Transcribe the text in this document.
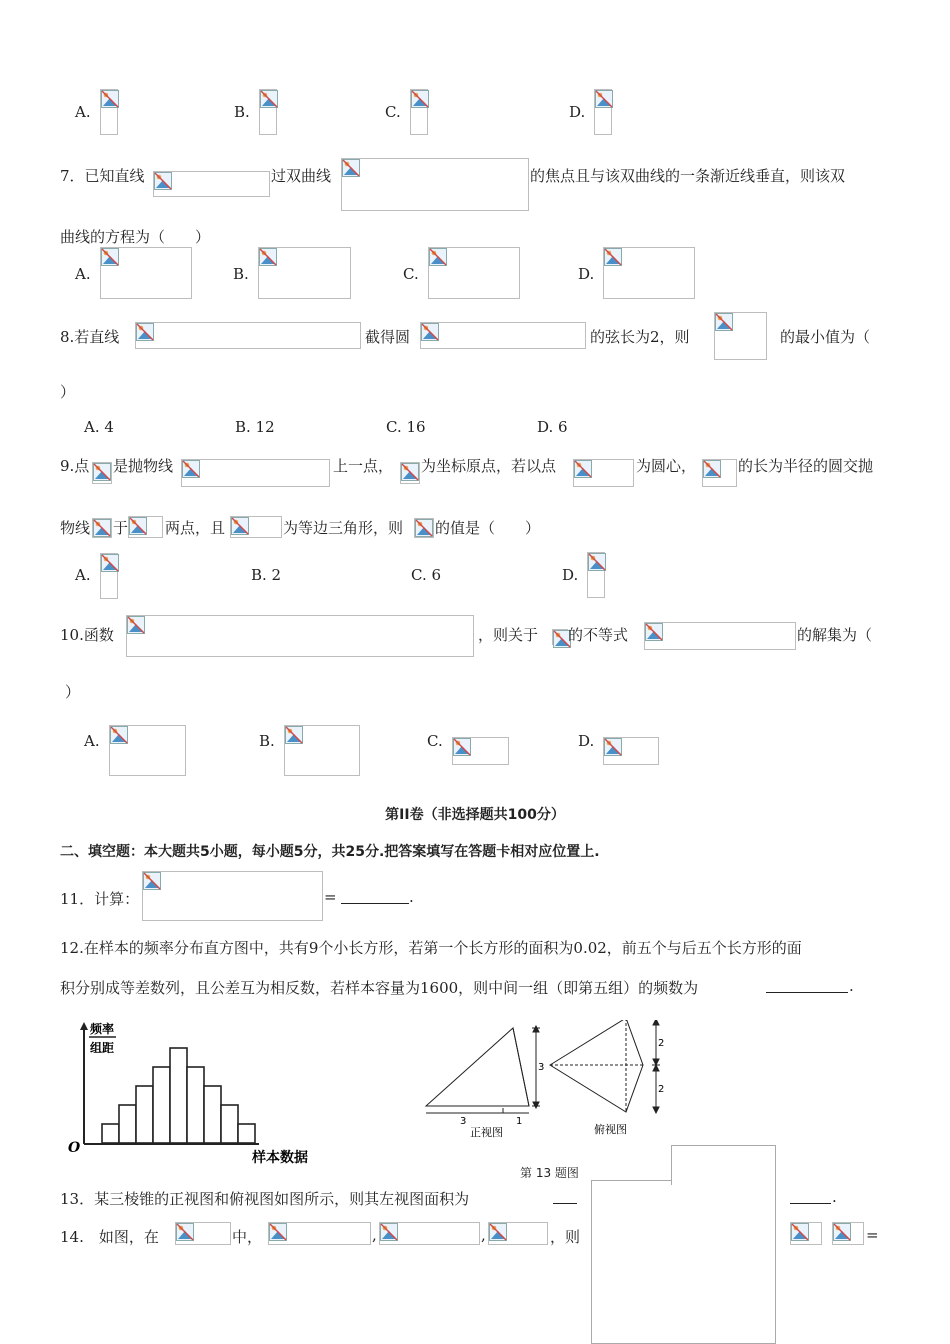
A.	B.	C.	D.
7．已知直线	过双曲线	的焦点且与该双曲线的一条渐近线垂直，则该双
曲线的方程为（　　）
A.	B.	C.	D.
8.若直线	截得圆	的弦长为2，则	的最小值为（
）
A. 4	B. 12	C. 16	D. 6
9.点 是抛物线	上一点， 为坐标原点，若以点	为圆心，	的长为半径的圆交抛
物线 于 两点，且	为等边三角形，则 的值是（　　）
A.	B. 2	C. 6	D.
10.函数	，则关于 的不等式	的解集为（
）
A.	B.	C.	D.
第II卷（非选择题共100分）
二、填空题：本大题共5小题，每小题5分，共25分.把答案填写在答题卡相对应位置上.
11．计算：	=	.
12.在样本的频率分布直方图中，共有9个小长方形，若第一个长方形的面积为0.02，前五个与后五个长方形的面
积分别成等差数列，且公差互为相反数，若样本容量为1600，则中间一组（即第五组）的频数为	.
频率
组距
O
样本数据
3	1
3
正视图
2
2
俯视图
第 13 题图
13．某三棱锥的正视图和俯视图如图所示，则其左视图面积为	.
14.　如图，在	中，	,	,	，则	=
